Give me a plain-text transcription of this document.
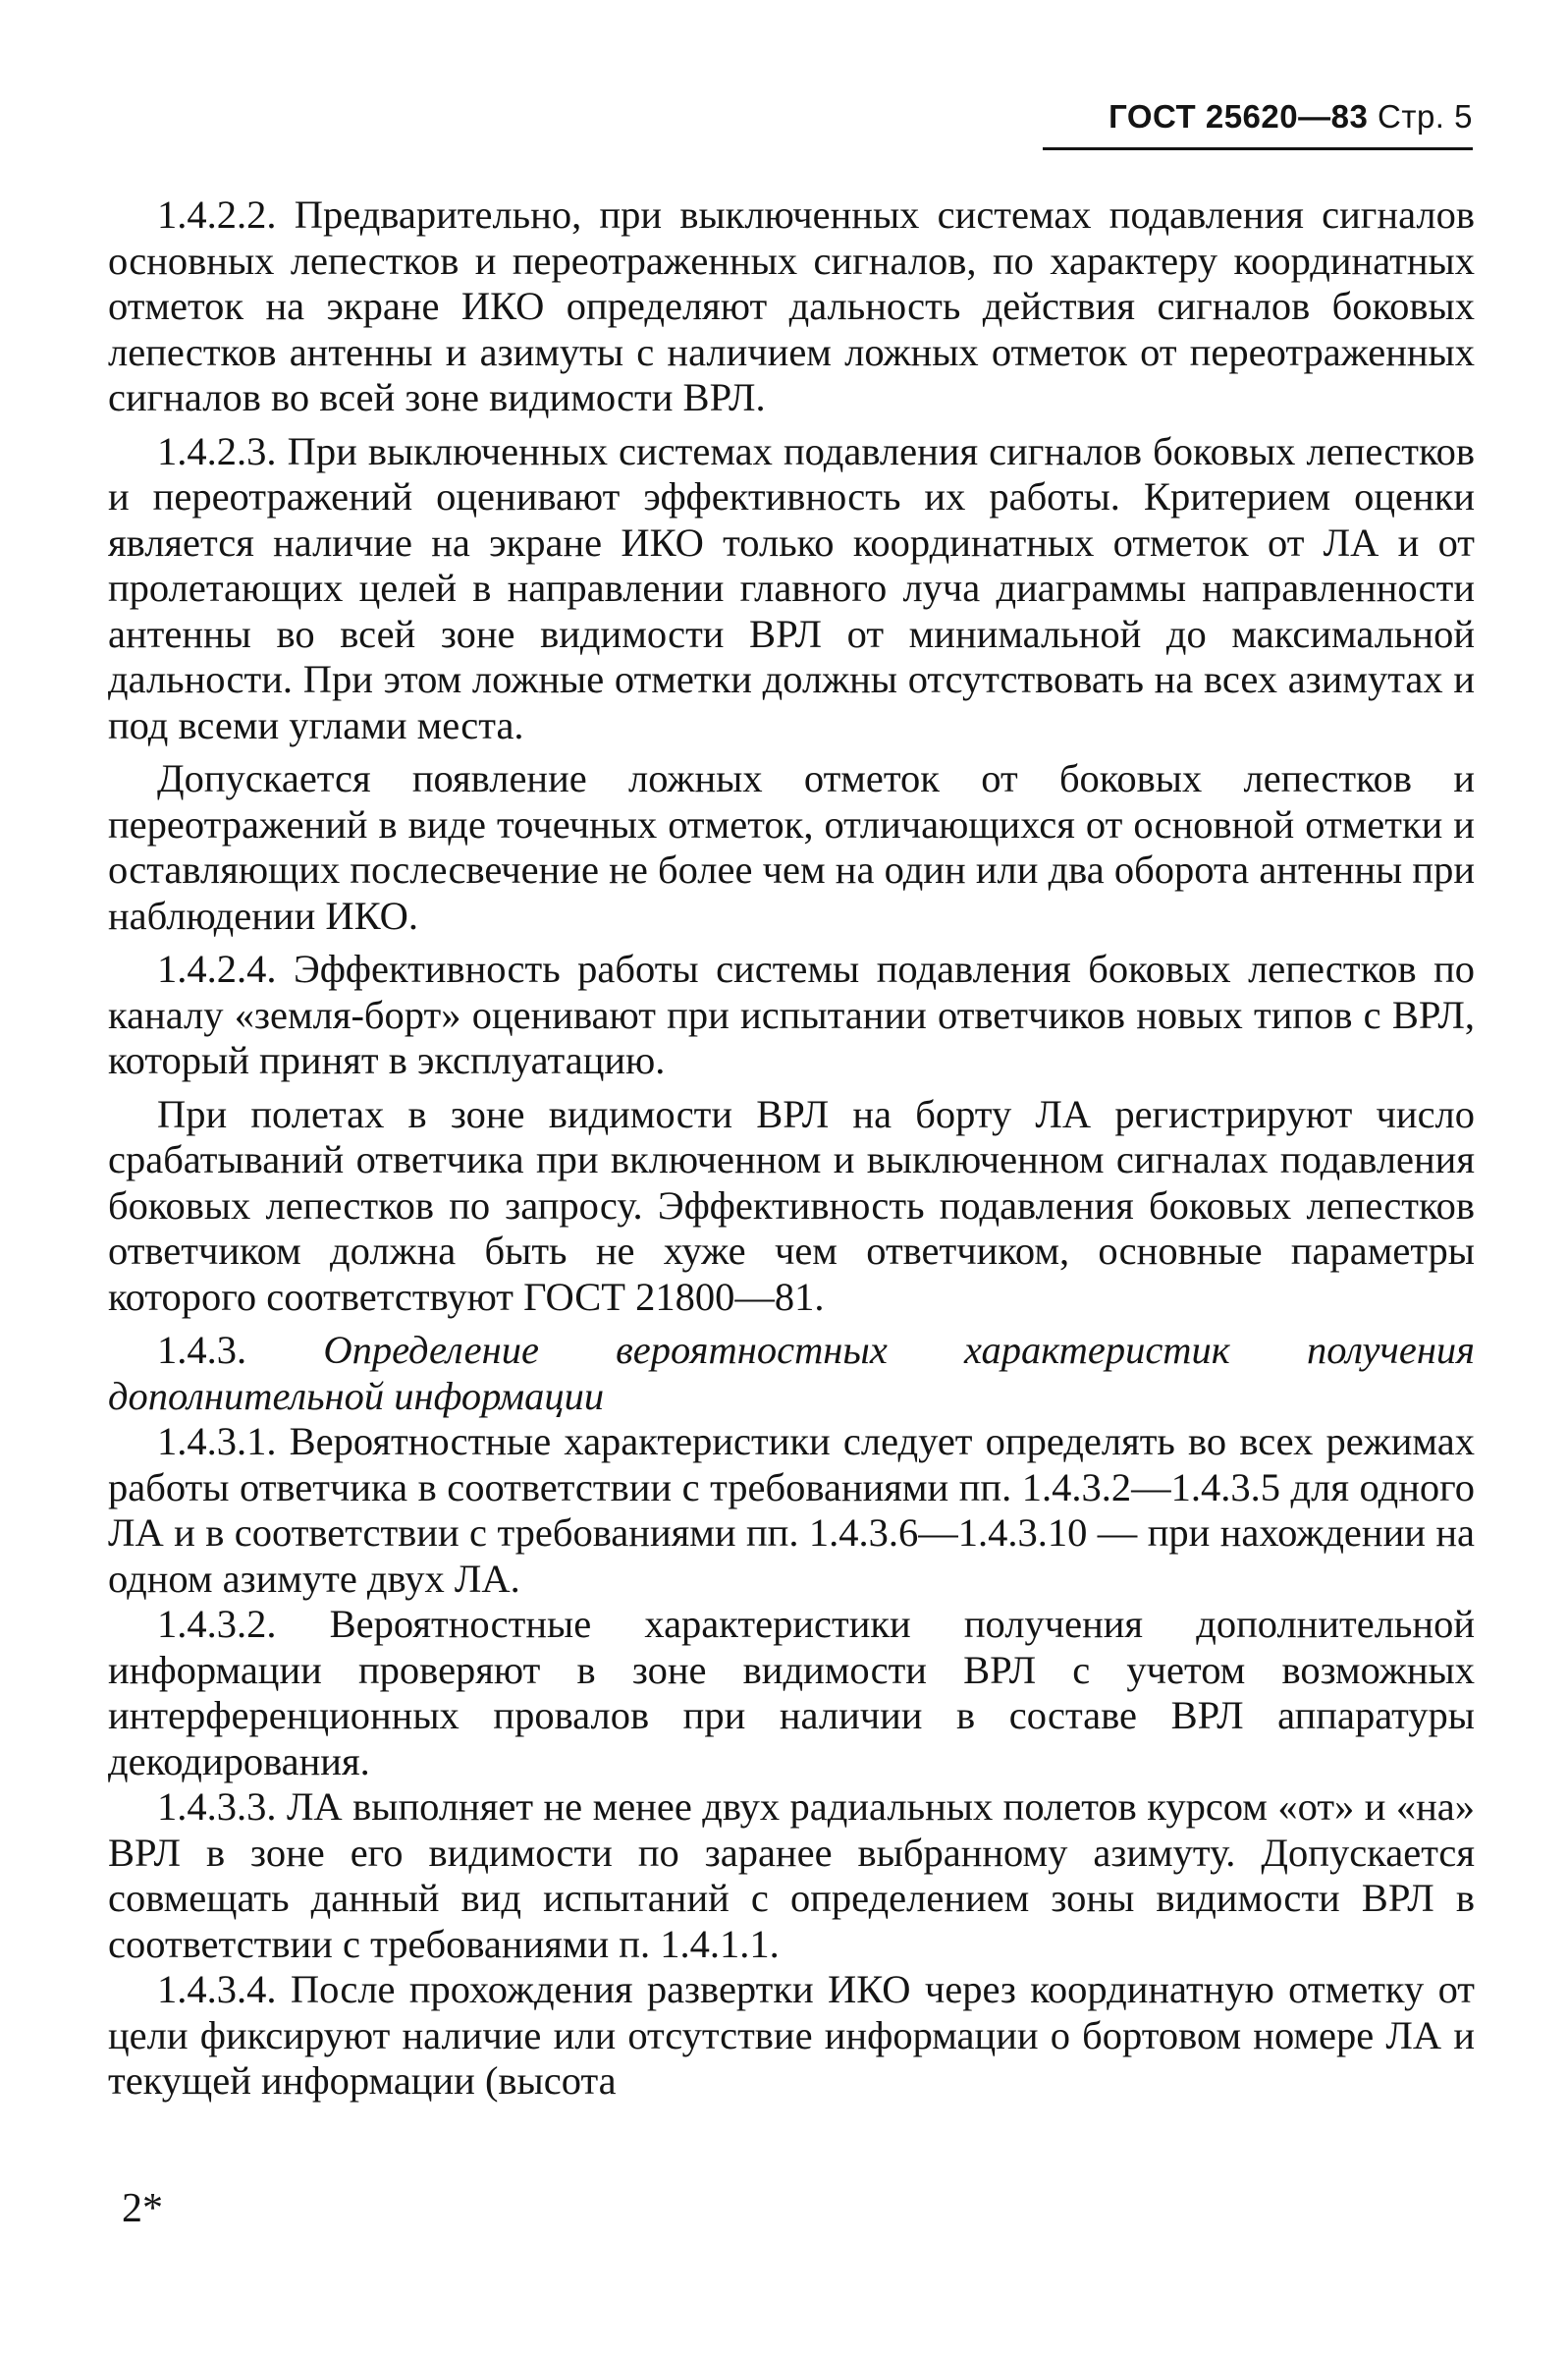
ГОСТ 25620—83 Стр. 5

1.4.2.2. Предварительно, при выключенных системах подавления сигналов основных лепестков и переотраженных сигналов, по характеру координатных отметок на экране ИКО определяют дальность действия сигналов боковых лепестков антенны и азимуты с наличием ложных отметок от переотраженных сигналов во всей зоне видимости ВРЛ.

1.4.2.3. При выключенных системах подавления сигналов боковых лепестков и переотражений оценивают эффективность их работы. Критерием оценки является наличие на экране ИКО только координатных отметок от ЛА и от пролетающих целей в направлении главного луча диаграммы направленности антенны во всей зоне видимости ВРЛ от минимальной до максимальной дальности. При этом ложные отметки должны отсутствовать на всех азимутах и под всеми углами места.

Допускается появление ложных отметок от боковых лепестков и переотражений в виде точечных отметок, отличающихся от основной отметки и оставляющих послесвечение не более чем на один или два оборота антенны при наблюдении ИКО.

1.4.2.4. Эффективность работы системы подавления боковых лепестков по каналу «земля-борт» оценивают при испытании ответчиков новых типов с ВРЛ, который принят в эксплуатацию.

При полетах в зоне видимости ВРЛ на борту ЛА регистрируют число срабатываний ответчика при включенном и выключенном сигналах подавления боковых лепестков по запросу. Эффективность подавления боковых лепестков ответчиком должна быть не хуже чем ответчиком, основные параметры которого соответствуют ГОСТ 21800—81.

1.4.3. Определение вероятностных характеристик получения дополнительной информации

1.4.3.1. Вероятностные характеристики следует определять во всех режимах работы ответчика в соответствии с требованиями пп. 1.4.3.2—1.4.3.5 для одного ЛА и в соответствии с требованиями пп. 1.4.3.6—1.4.3.10 — при нахождении на одном азимуте двух ЛА.

1.4.3.2. Вероятностные характеристики получения дополнительной информации проверяют в зоне видимости ВРЛ с учетом возможных интерференционных провалов при наличии в составе ВРЛ аппаратуры декодирования.

1.4.3.3. ЛА выполняет не менее двух радиальных полетов курсом «от» и «на» ВРЛ в зоне его видимости по заранее выбранному азимуту. Допускается совмещать данный вид испытаний с определением зоны видимости ВРЛ в соответствии с требованиями п. 1.4.1.1.

1.4.3.4. После прохождения развертки ИКО через координатную отметку от цели фиксируют наличие или отсутствие информации о бортовом номере ЛА и текущей информации (высота

2*
